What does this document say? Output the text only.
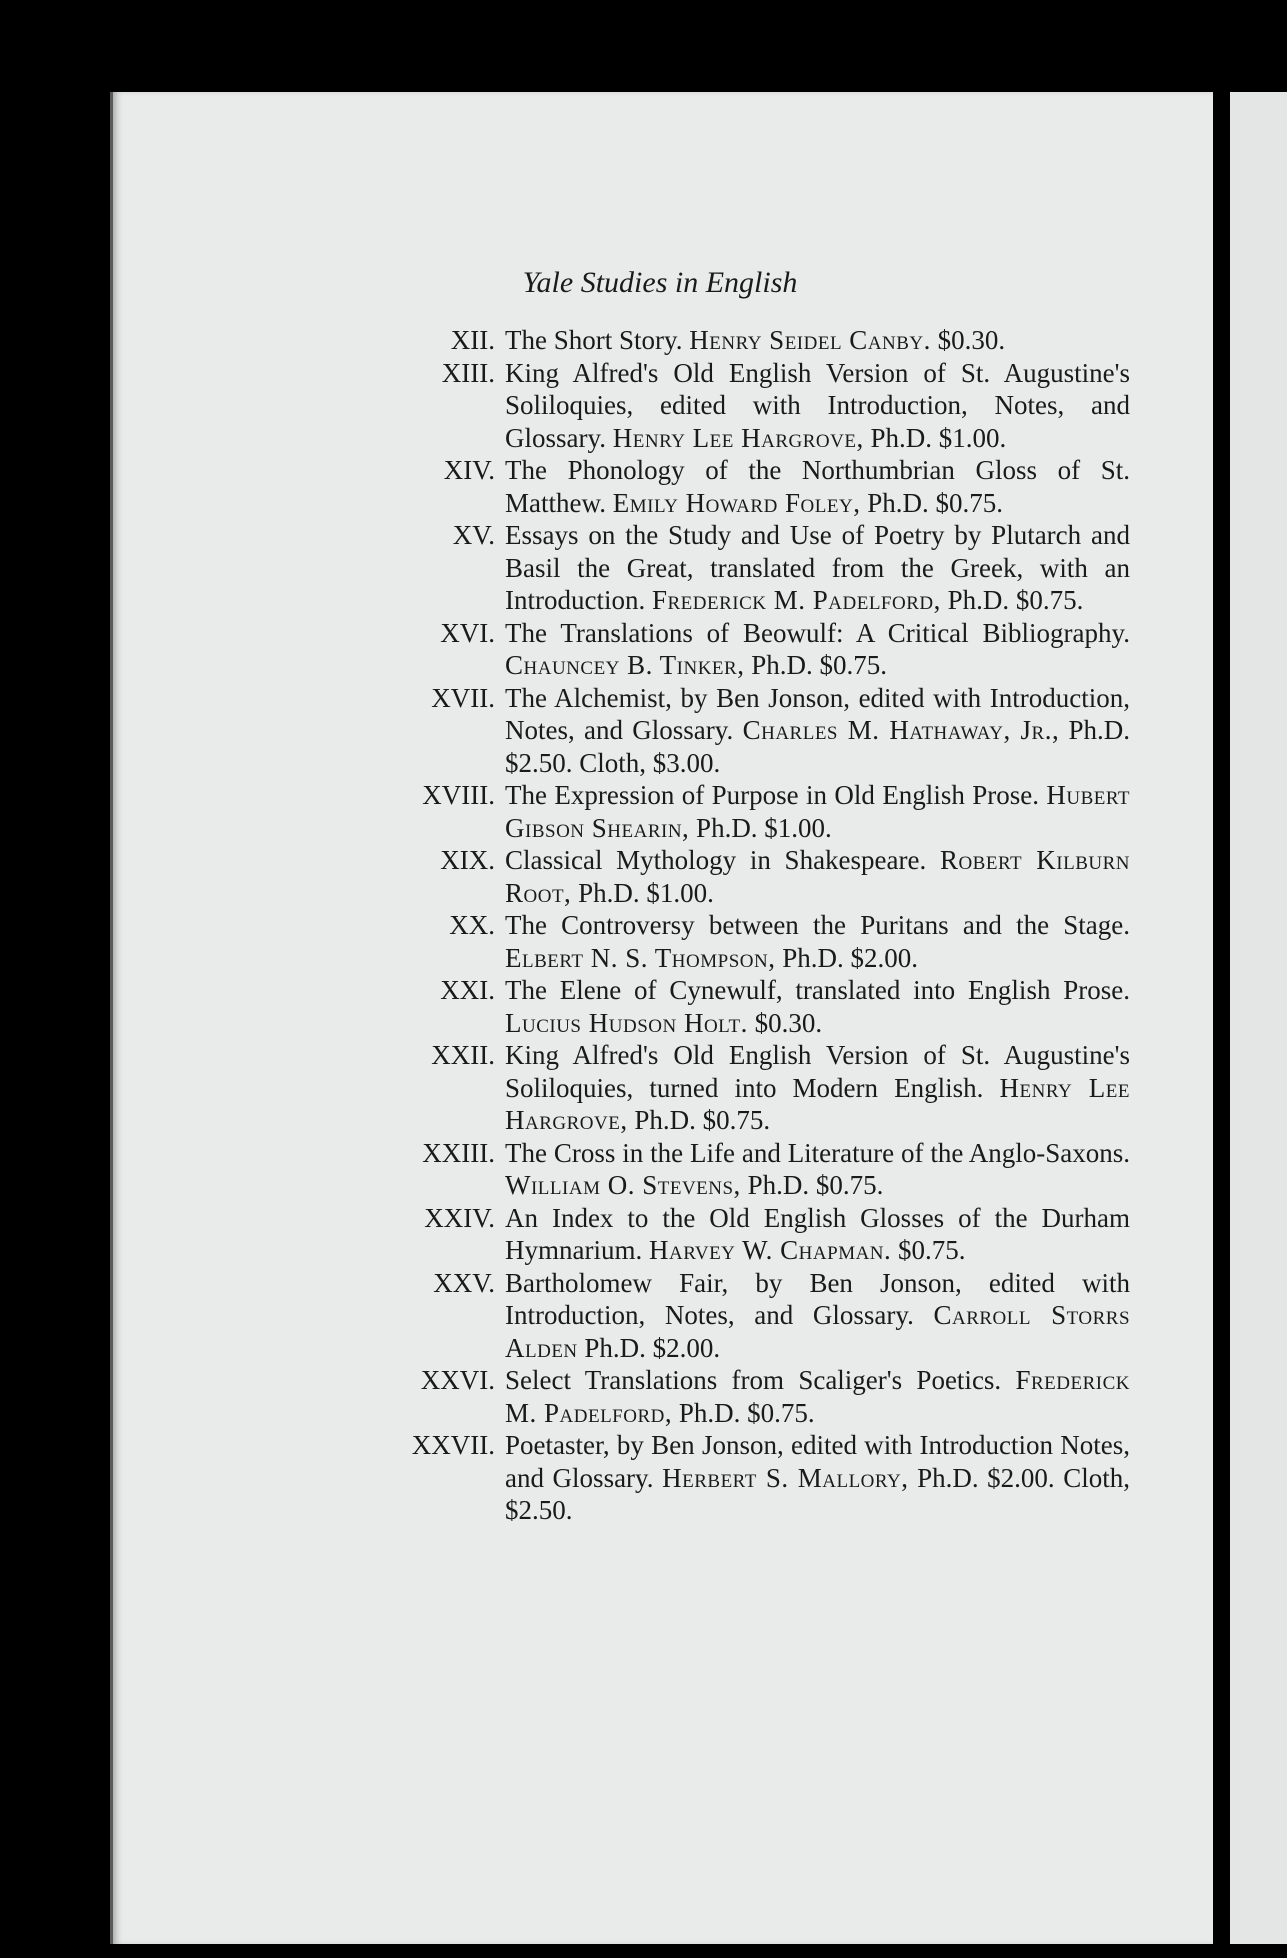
Yale Studies in English
XII. The Short Story. Henry Seidel Canby. $0.30.
XIII. King Alfred's Old English Version of St. Augustine's Soliloquies, edited with Introduction, Notes, and Glossary. Henry Lee Hargrove, Ph.D. $1.00.
XIV. The Phonology of the Northumbrian Gloss of St. Matthew. Emily Howard Foley, Ph.D. $0.75.
XV. Essays on the Study and Use of Poetry by Plutarch and Basil the Great, translated from the Greek, with an Introduction. Frederick M. Padelford, Ph.D. $0.75.
XVI. The Translations of Beowulf: A Critical Bibliography. Chauncey B. Tinker, Ph.D. $0.75.
XVII. The Alchemist, by Ben Jonson, edited with Introduction, Notes, and Glossary. Charles M. Hathaway, Jr., Ph.D. $2.50. Cloth, $3.00.
XVIII. The Expression of Purpose in Old English Prose. Hubert Gibson Shearin, Ph.D. $1.00.
XIX. Classical Mythology in Shakespeare. Robert Kilburn Root, Ph.D. $1.00.
XX. The Controversy between the Puritans and the Stage. Elbert N. S. Thompson, Ph.D. $2.00.
XXI. The Elene of Cynewulf, translated into English Prose. Lucius Hudson Holt. $0.30.
XXII. King Alfred's Old English Version of St. Augustine's Soliloquies, turned into Modern English. Henry Lee Hargrove, Ph.D. $0.75.
XXIII. The Cross in the Life and Literature of the Anglo-Saxons. William O. Stevens, Ph.D. $0.75.
XXIV. An Index to the Old English Glosses of the Durham Hymnarium. Harvey W. Chapman. $0.75.
XXV. Bartholomew Fair, by Ben Jonson, edited with Introduction, Notes, and Glossary. Carroll Storrs Alden Ph.D. $2.00.
XXVI. Select Translations from Scaliger's Poetics. Frederick M. Padelford, Ph.D. $0.75.
XXVII. Poetaster, by Ben Jonson, edited with Introduction Notes, and Glossary. Herbert S. Mallory, Ph.D. $2.00. Cloth, $2.50.
